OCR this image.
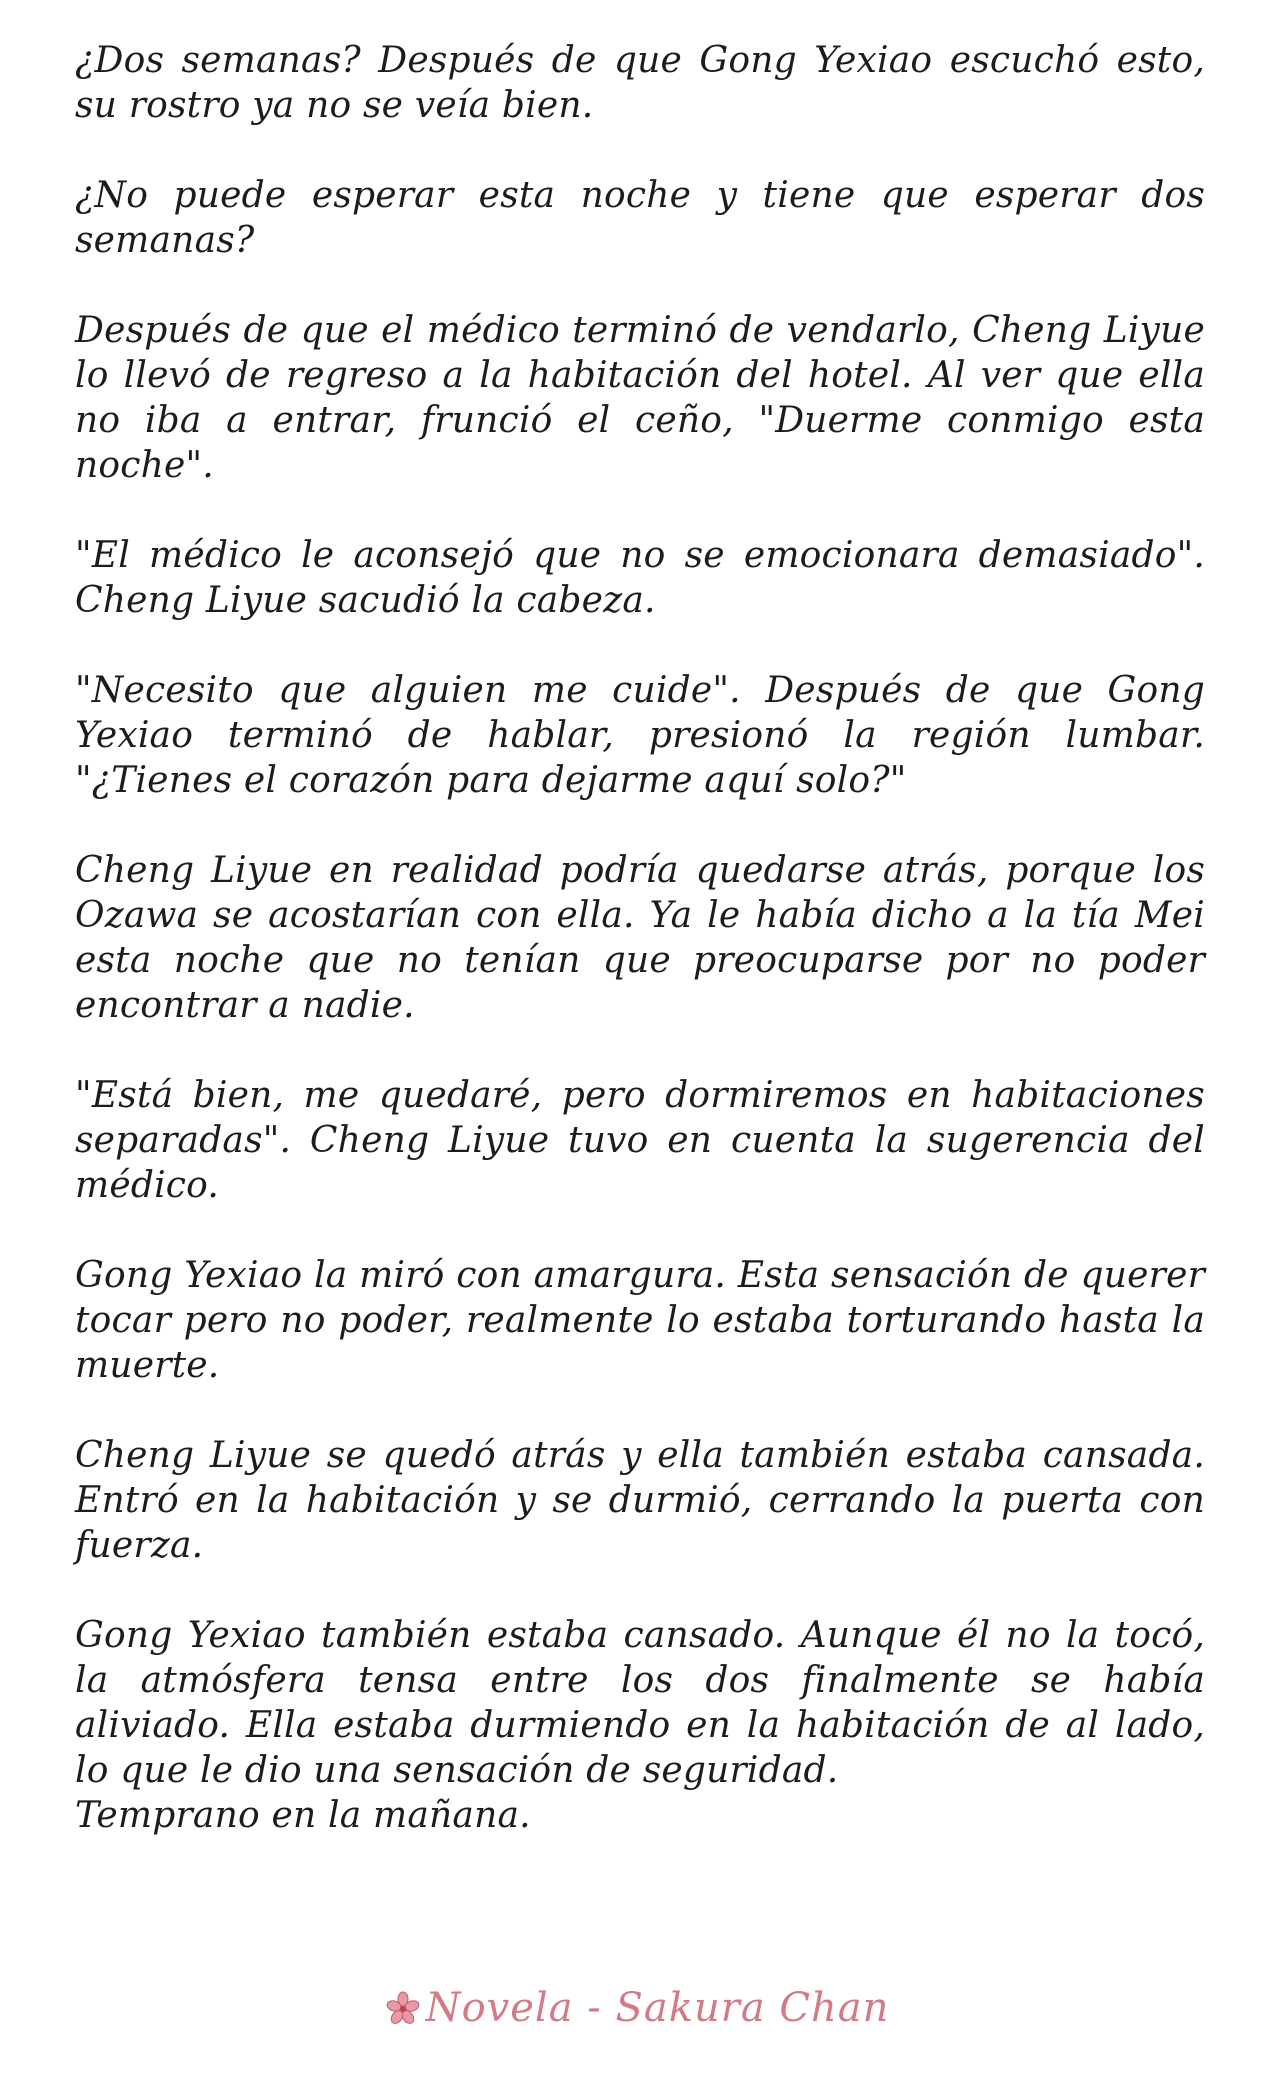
¿Dos semanas? Después de que Gong Yexiao escuchó esto, su rostro ya no se veía bien.

¿No puede esperar esta noche y tiene que esperar dos semanas?

Después de que el médico terminó de vendarlo, Cheng Liyue lo llevó de regreso a la habitación del hotel. Al ver que ella no iba a entrar, frunció el ceño, "Duerme conmigo esta noche".

"El médico le aconsejó que no se emocionara demasiado". Cheng Liyue sacudió la cabeza.

"Necesito que alguien me cuide". Después de que Gong Yexiao terminó de hablar, presionó la región lumbar. "¿Tienes el corazón para dejarme aquí solo?"

Cheng Liyue en realidad podría quedarse atrás, porque los Ozawa se acostarían con ella. Ya le había dicho a la tía Mei esta noche que no tenían que preocuparse por no poder encontrar a nadie.

"Está bien, me quedaré, pero dormiremos en habitaciones separadas". Cheng Liyue tuvo en cuenta la sugerencia del médico.

Gong Yexiao la miró con amargura. Esta sensación de querer tocar pero no poder, realmente lo estaba torturando hasta la muerte.

Cheng Liyue se quedó atrás y ella también estaba cansada. Entró en la habitación y se durmió, cerrando la puerta con fuerza.

Gong Yexiao también estaba cansado. Aunque él no la tocó, la atmósfera tensa entre los dos finalmente se había aliviado. Ella estaba durmiendo en la habitación de al lado, lo que le dio una sensación de seguridad.

Temprano en la mañana.

Novela - Sakura Chan
